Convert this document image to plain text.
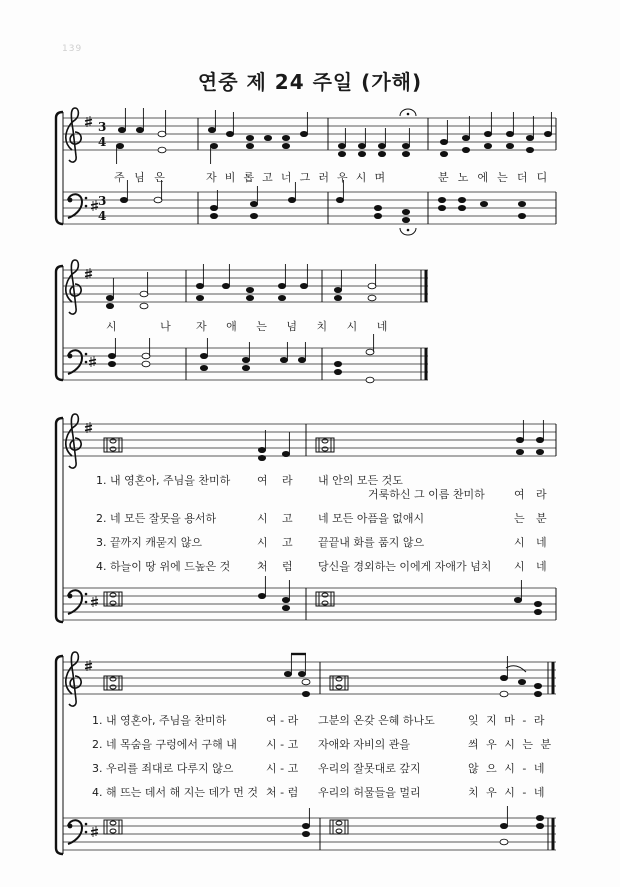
139
연중 제 24 주일 (가해)
3
4
3
4
주 님 은	자 비 롭 고 너 그 러 우 시 며	분 노 에 는 더 디
시 나 자 애 는 넘 치 시 네
1. 내 영혼아, 주님을 찬미하 여 라 내 안의 모든 것도
거룩하신 그 이름 찬미하	여 라
2. 네 모든 잘못을 용서하	시 고 네 모든 아픔을 없애시	는 분
3. 끝까지 캐묻지 않으	시 고 끝끝내 화를 품지 않으	시 네
4. 하늘이 땅 위에 드높은 것 처 럼 당신을 경외하는 이에게 자애가 넘치 시 네
1. 내 영혼아, 주님을 찬미하	여 - 라 그분의 온갖 은혜 하나도	잊 지 마 - 라
2. 네 목숨을 구렁에서 구해 내	시 - 고 자애와 자비의 관을	씌 우 시 는 분
3. 우리를 죄대로 다루지 않으	시 - 고 우리의 잘못대로 갚지	않 으 시 - 네
4. 해 뜨는 데서 해 지는 데가 먼 것 처 - 럼 우리의 허물들을 멀리	치 우 시 - 네
